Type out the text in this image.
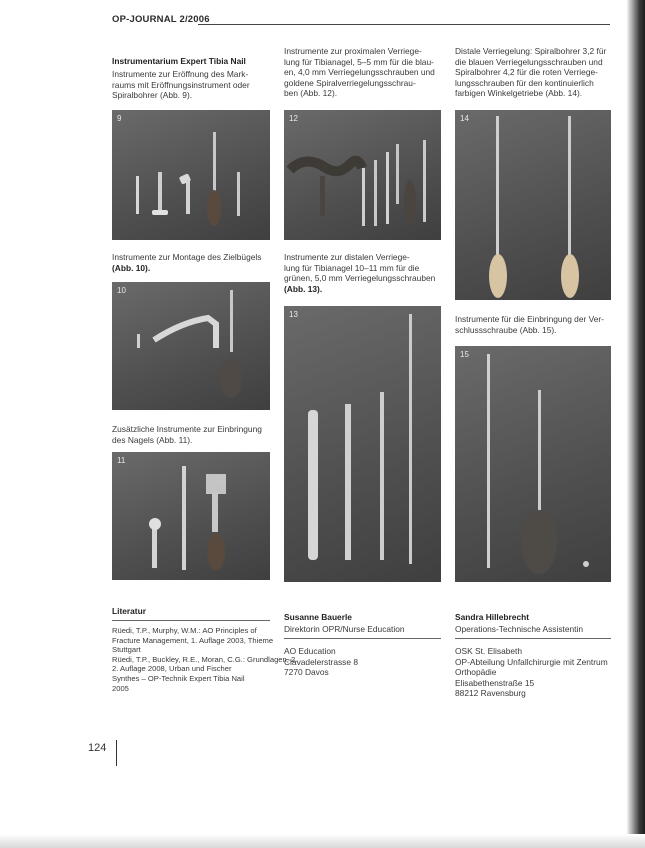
OP-JOURNAL 2/2006
Instrumentarium Expert Tibia Nail
Instrumente zur Eröffnung des Mark-
raums mit Eröffnungsinstrument oder
Spiralbohrer (Abb. 9).
9
Instrumente zur Montage des Zielbügels
(Abb. 10).
10
Zusätzliche Instrumente zur Einbringung
des Nagels (Abb. 11).
11
Instrumente zur proximalen Verriege-
lung für Tibianagel, 5–5 mm für die blau-
en, 4,0 mm Verriegelungsschrauben und
goldene Spiralverriegelungsschrau-
ben (Abb. 12).
12
Instrumente zur distalen Verriege-
lung für Tibianagel 10–11 mm für die
grünen, 5,0 mm Verriegelungsschrauben
(Abb. 13).
13
Distale Verriegelung: Spiralbohrer 3,2 für
die blauen Verriegelungsschrauben und
Spiralbohrer 4,2 für die roten Verriege-
lungsschrauben für den kontinuierlich
farbigen Winkelgetriebe (Abb. 14).
14
Instrumente für die Einbringung der Ver-
schlussschraube (Abb. 15).
15
Literatur
Rüedi, T.P., Murphy, W.M.: AO Principles of
Fracture Management, 1. Auflage 2003, Thieme
Stuttgart
Rüedi, T.P., Buckley, R.E., Moran, C.G.: Grundlagen, 2.
2. Auflage 2008, Urban und Fischer
Synthes – OP-Technik Expert Tibia Nail
2005
Susanne Bauerle
Direktorin OPR/Nurse Education
AO Education
Clavadelerstrasse 8
7270 Davos
Sandra Hillebrecht
Operations-Technische Assistentin
OSK St. Elisabeth
OP-Abteilung Unfallchirurgie mit Zentrum
Orthopädie
Elisabethenstraße 15
88212 Ravensburg
124
